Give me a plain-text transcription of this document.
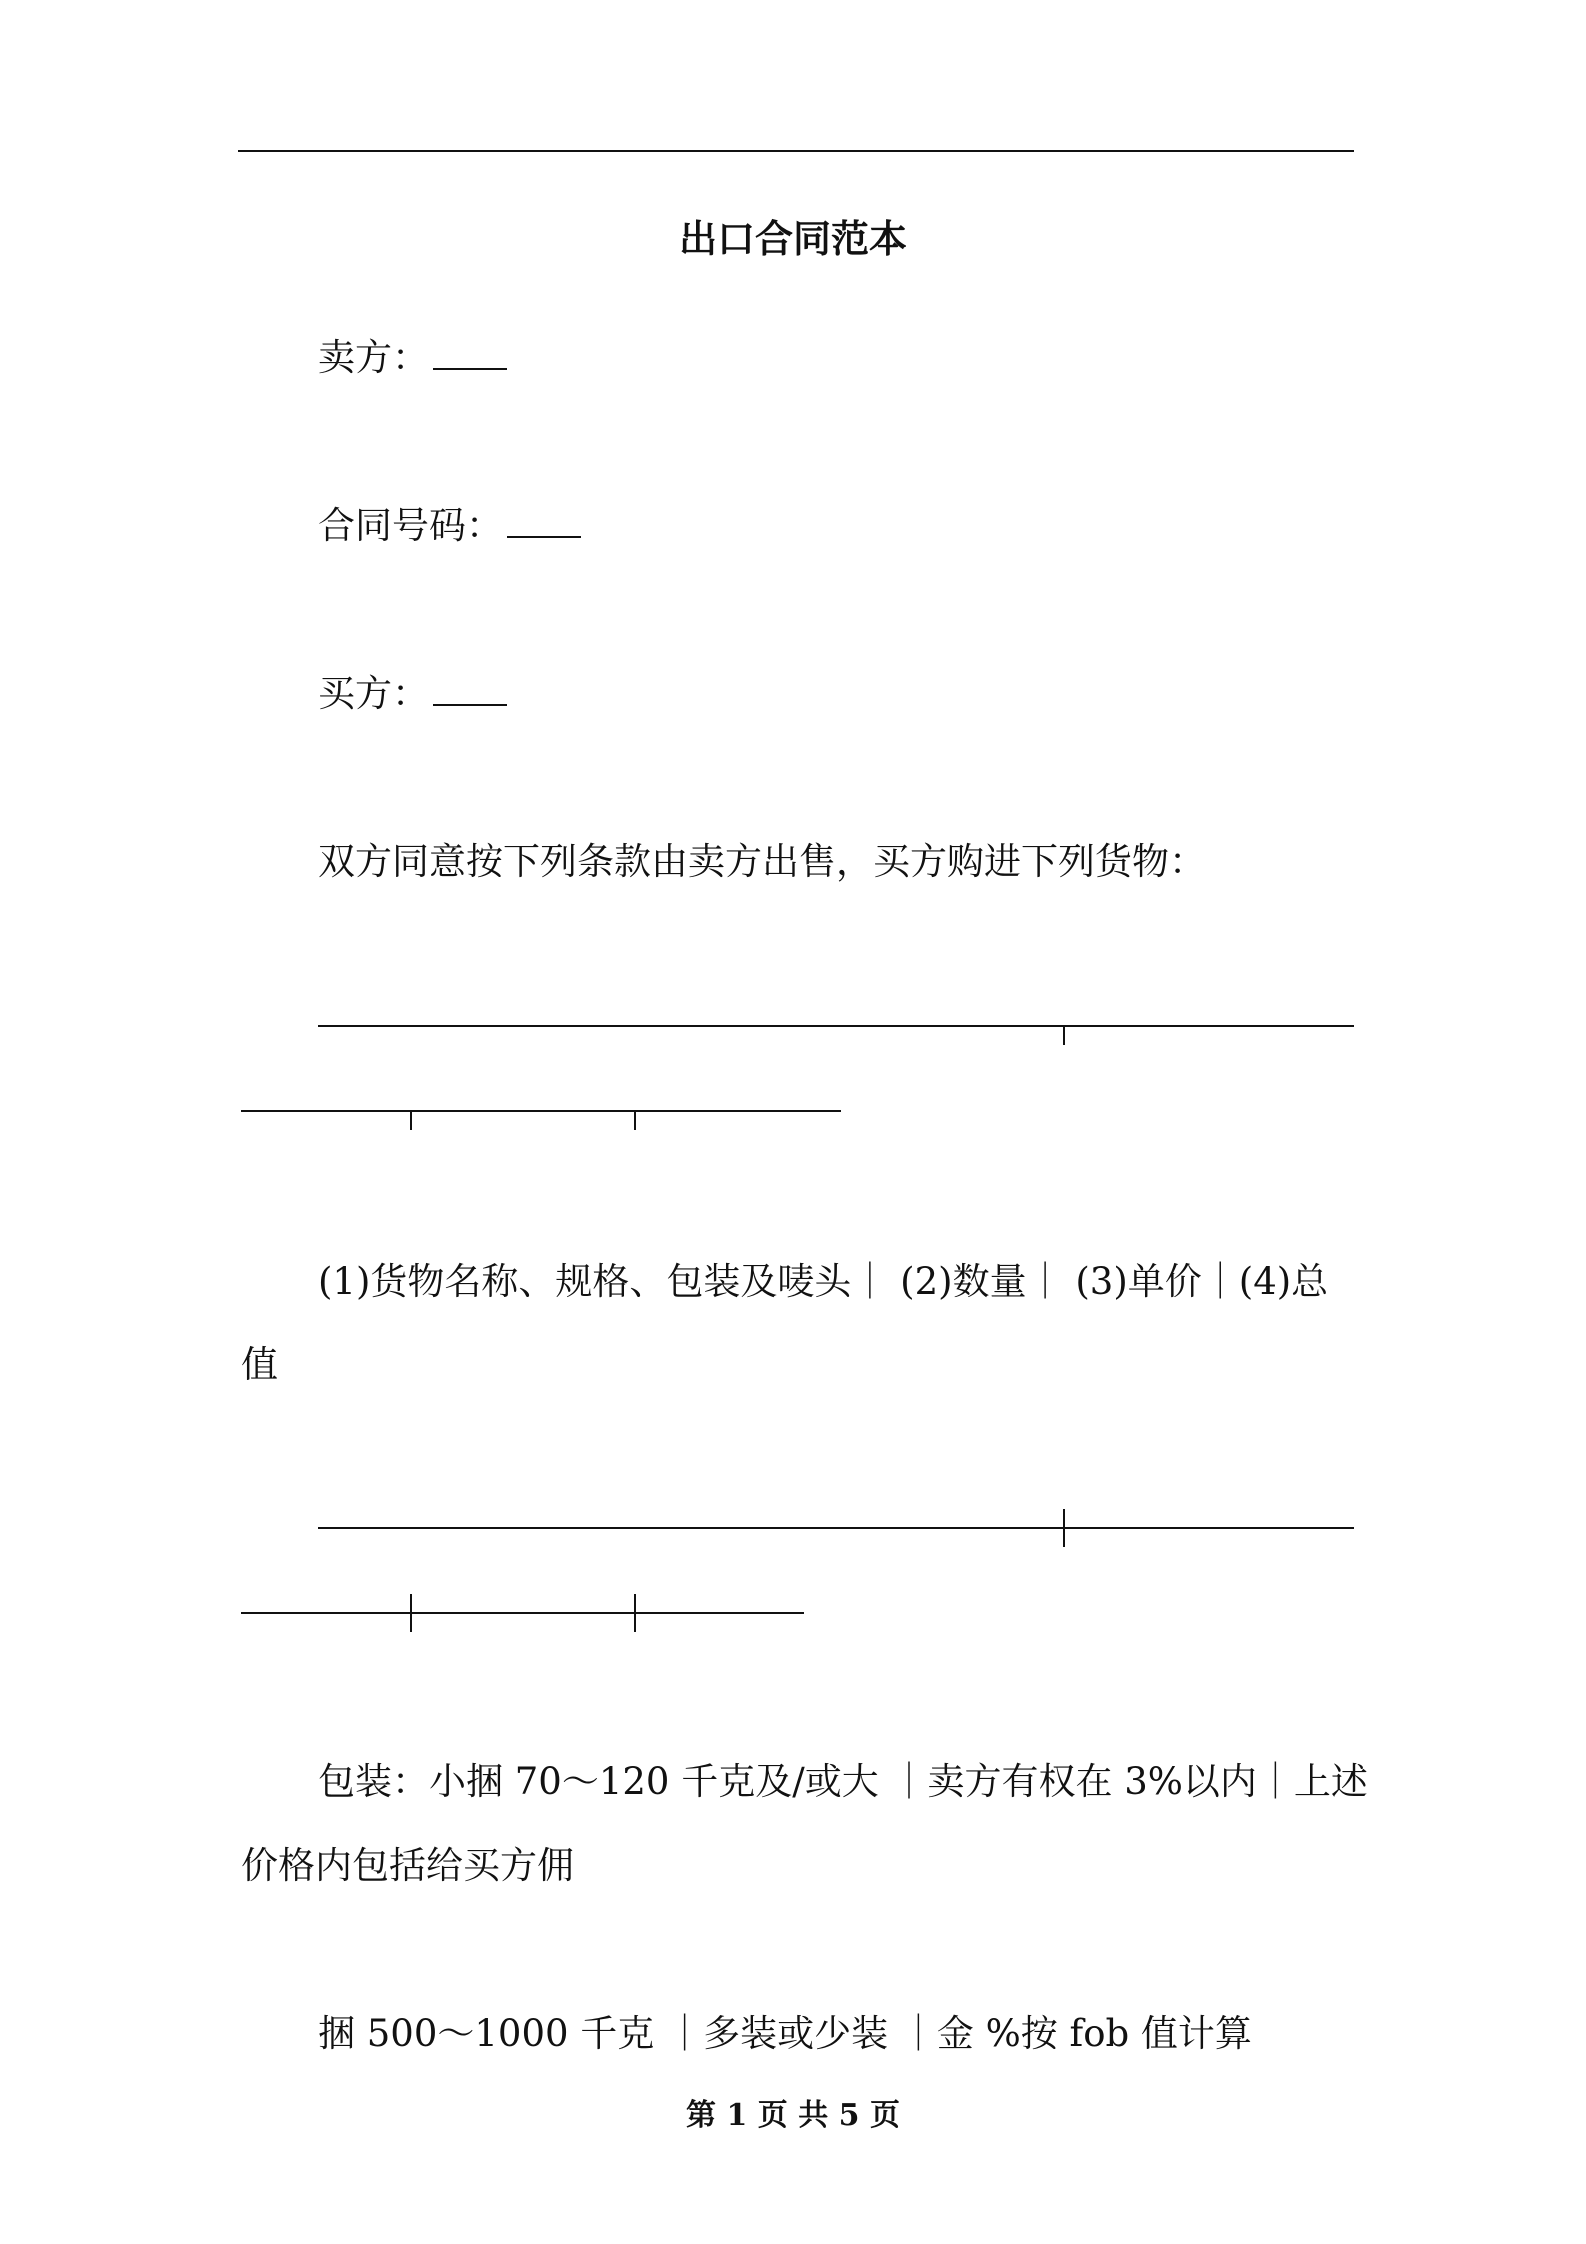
出口合同范本
卖方：
合同号码：
买方：
双方同意按下列条款由卖方出售，买方购进下列货物：
(1)货物名称、规格、包装及唛头｜ (2)数量｜ (3)单价｜(4)总
值
包装：小捆 70～120 千克及/或大 ｜卖方有权在 3%以内｜上述
价格内包括给买方佣
捆 500～1000 千克 ｜多装或少装 ｜金 %按 fob 值计算
第 1 页 共 5 页
